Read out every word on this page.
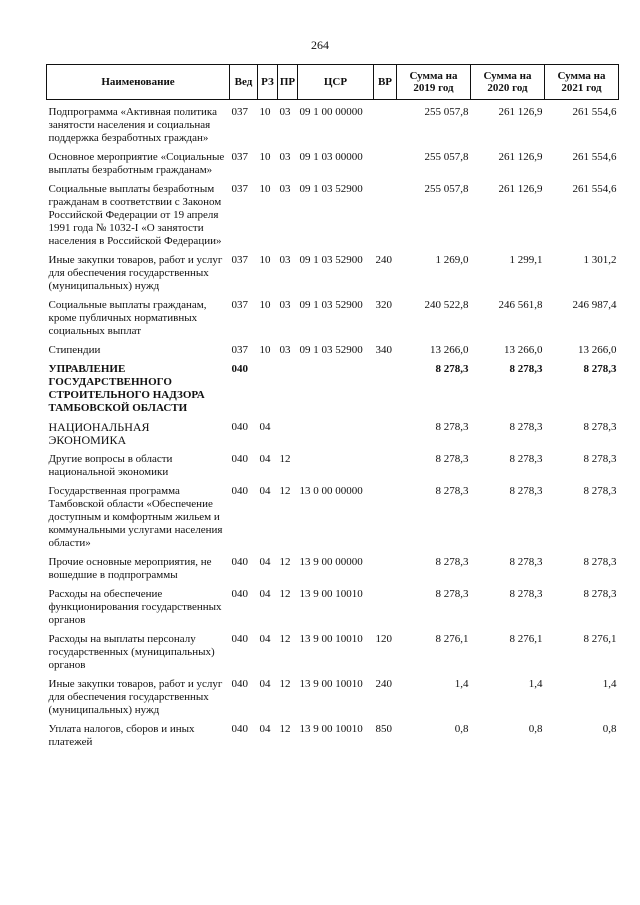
264
Наименование	Вед	РЗ	ПР	ЦСР	ВР	Сумма на 2019 год	Сумма на 2020 год	Сумма на 2021 год
Подпрограмма «Активная политика занятости населения и социальная поддержка безработных граждан»	037	10	03	09 1 00 00000		255 057,8	261 126,9	261 554,6
Основное мероприятие «Социальные выплаты безработным гражданам»	037	10	03	09 1 03 00000		255 057,8	261 126,9	261 554,6
Социальные выплаты безработным гражданам в соответствии с Законом Российской Федерации от 19 апреля 1991 года № 1032-I «О занятости населения в Российской Федерации»	037	10	03	09 1 03 52900		255 057,8	261 126,9	261 554,6
Иные закупки товаров, работ и услуг для обеспечения государственных (муниципальных) нужд	037	10	03	09 1 03 52900	240	1 269,0	1 299,1	1 301,2
Социальные выплаты гражданам, кроме публичных нормативных социальных выплат	037	10	03	09 1 03 52900	320	240 522,8	246 561,8	246 987,4
Стипендии	037	10	03	09 1 03 52900	340	13 266,0	13 266,0	13 266,0
УПРАВЛЕНИЕ ГОСУДАРСТВЕННОГО СТРОИТЕЛЬНОГО НАДЗОРА ТАМБОВСКОЙ ОБЛАСТИ	040					8 278,3	8 278,3	8 278,3
НАЦИОНАЛЬНАЯ ЭКОНОМИКА	040	04				8 278,3	8 278,3	8 278,3
Другие вопросы в области национальной экономики	040	04	12			8 278,3	8 278,3	8 278,3
Государственная программа Тамбовской области «Обеспечение доступным и комфортным жильем и коммунальными услугами населения области»	040	04	12	13 0 00 00000		8 278,3	8 278,3	8 278,3
Прочие основные мероприятия, не вошедшие в подпрограммы	040	04	12	13 9 00 00000		8 278,3	8 278,3	8 278,3
Расходы на обеспечение функционирования государственных органов	040	04	12	13 9 00 10010		8 278,3	8 278,3	8 278,3
Расходы на выплаты персоналу государственных (муниципальных) органов	040	04	12	13 9 00 10010	120	8 276,1	8 276,1	8 276,1
Иные закупки товаров, работ и услуг для обеспечения государственных (муниципальных) нужд	040	04	12	13 9 00 10010	240	1,4	1,4	1,4
Уплата налогов, сборов и иных платежей	040	04	12	13 9 00 10010	850	0,8	0,8	0,8
